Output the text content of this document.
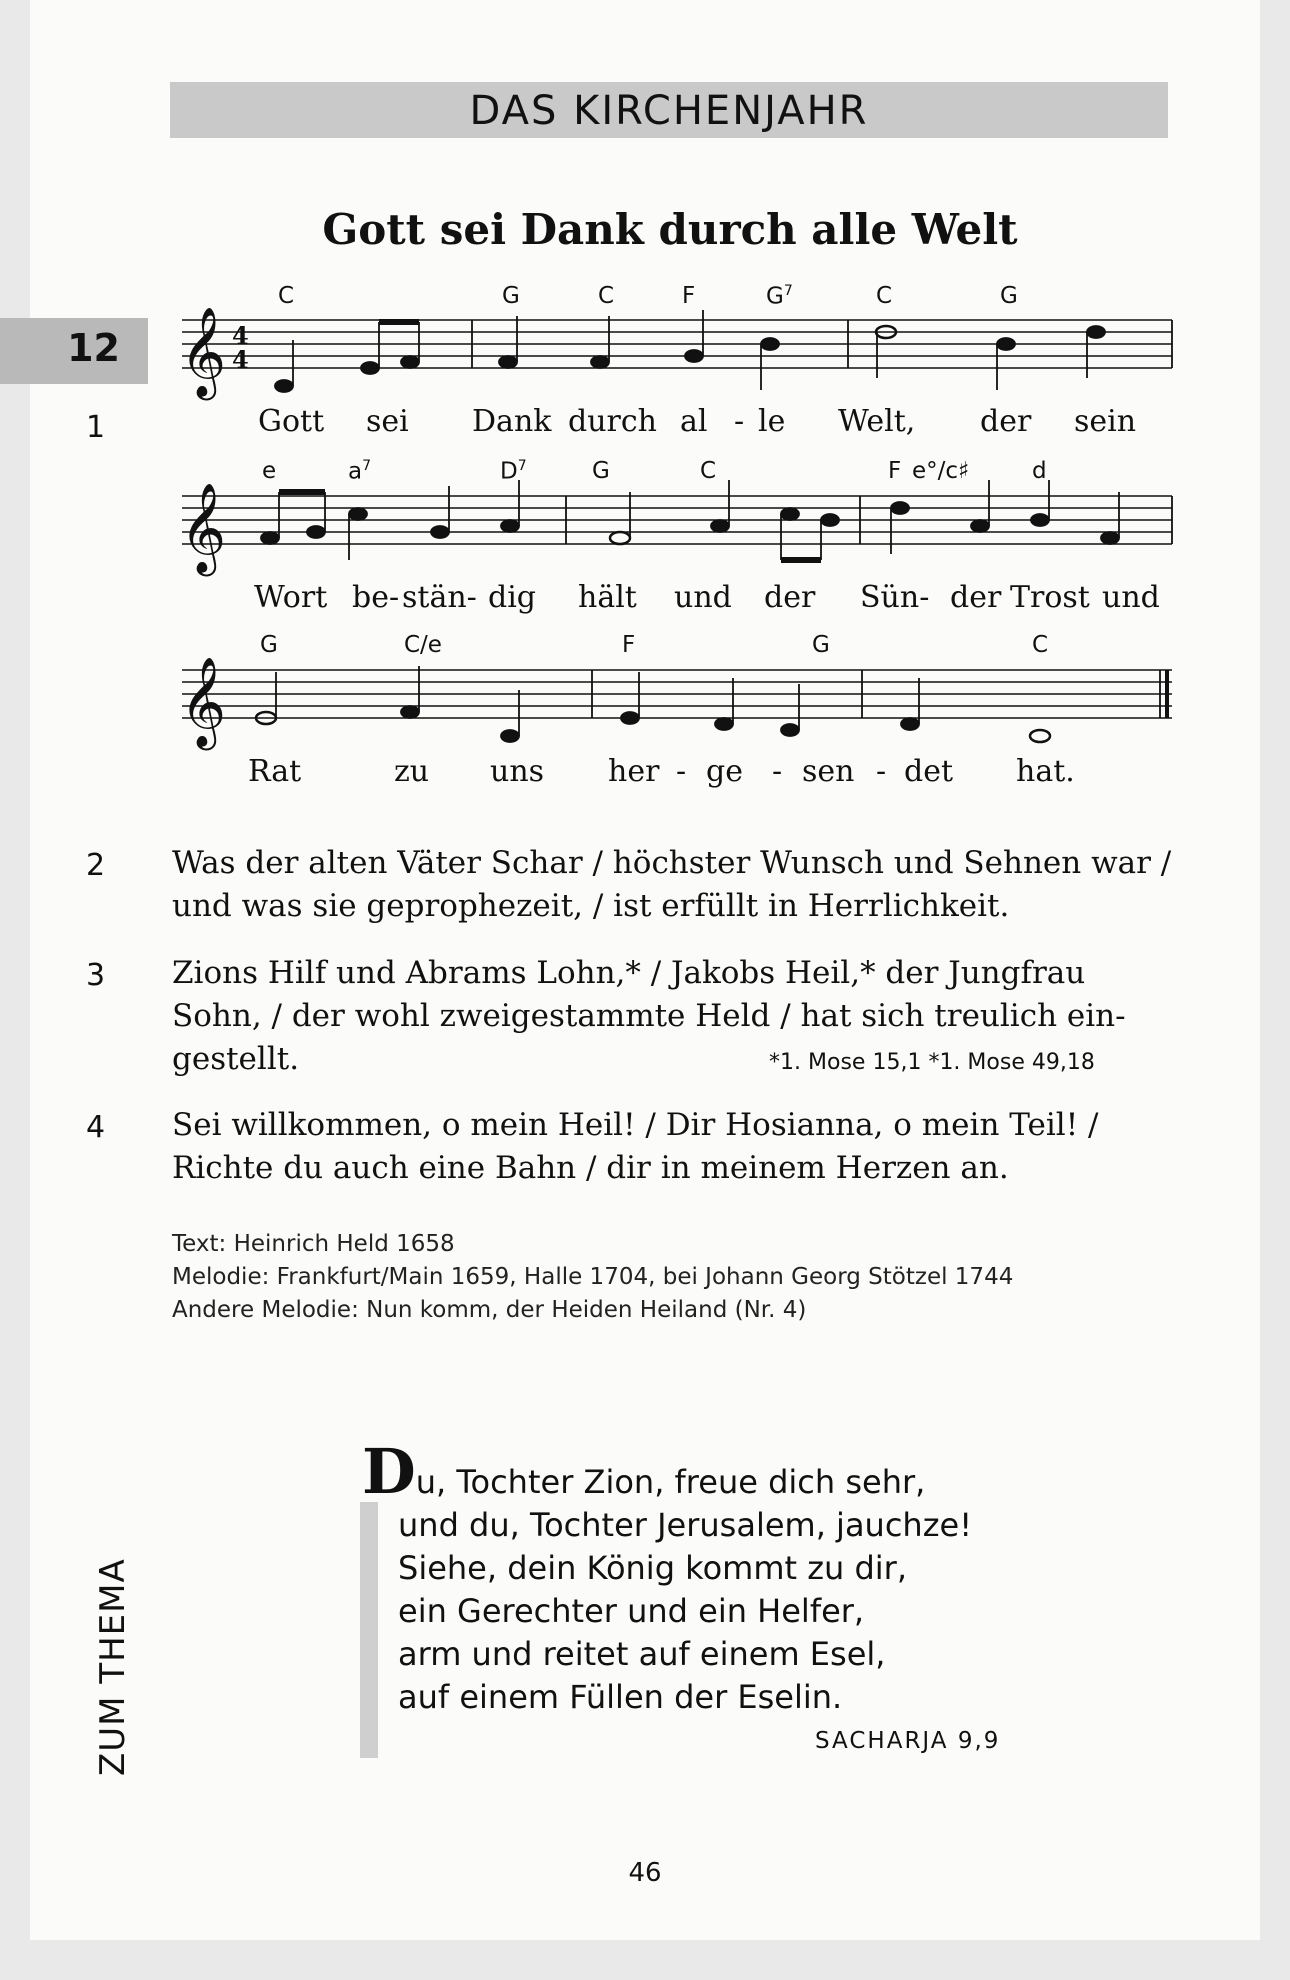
DAS KIRCHENJAHR
12
Gott sei Dank durch alle Welt
𝄞
𝄞
𝄞
4
4
1
C	G	C	F	$G^7$	C	G
Gott sei Dank durch al - le Welt, der sein
e	$a^7$	$D^7$	G	C	F e°/c♯	d
Wort be- stän- dig hält und der Sün- der Trost und
G	C/e	F	G	C
Rat	zu uns her - ge - sen - det hat.
2 Was der alten Väter Schar / höchster Wunsch und Sehnen war /
und was sie geprophezeit, / ist erfüllt in Herrlichkeit.
3 Zions Hilf und Abrams Lohn,* / Jakobs Heil,* der Jungfrau
Sohn, / der wohl zweigestammte Held / hat sich treulich ein-
gestellt.	*1. Mose 15,1 *1. Mose 49,18
4 Sei willkommen, o mein Heil! / Dir Hosianna, o mein Teil! /
Richte du auch eine Bahn / dir in meinem Herzen an.
Text: Heinrich Held 1658
Melodie: Frankfurt/Main 1659, Halle 1704, bei Johann Georg Stötzel 1744
Andere Melodie: Nun komm, der Heiden Heiland (Nr. 4)
ZUM THEMA
Du, Tochter Zion, freue dich sehr,
und du, Tochter Jerusalem, jauchze!
Siehe, dein König kommt zu dir,
ein Gerechter und ein Helfer,
arm und reitet auf einem Esel,
auf einem Füllen der Eselin.
SACHARJA 9,9
46
